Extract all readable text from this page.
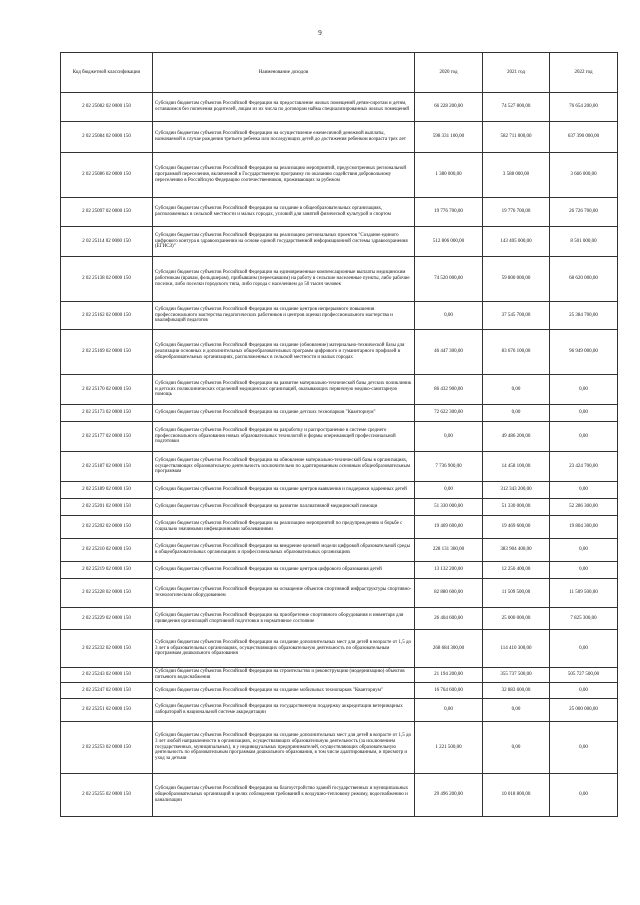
9
Код бюджетной классификации	Наименование доходов	2020 год	2021 год	2022 год
2 02 25082 02 0000 150	Субсидии бюджетам субъектов Российской Федерации на предоставление жилых помещений детям-сиротам и детям, оставшимся без попечения родителей, лицам из их числа по договорам найма специализированных жилых помещений	66 228 200,00	74 527 800,00	76 654 200,00
2 02 25084 02 0000 150	Субсидии бюджетам субъектов Российской Федерации на осуществление ежемесячной денежной выплаты, назначаемой в случае рождения третьего ребенка или последующих детей до достижения ребенком возраста трех лет	598 331 100,00	582 711 000,00	637 390 000,00
2 02 25086 02 0000 150	Субсидии бюджетам субъектов Российской Федерации на реализацию мероприятий, предусмотренных региональной программой переселения, включенной в Государственную программу по оказанию содействия добровольному переселению в Российскую Федерацию соотечественников, проживающих за рубежом	1 380 000,00	3 588 000,00	3 666 000,00
2 02 25097 02 0000 150	Субсидии бюджетам субъектов Российской Федерации на создание в общеобразовательных организациях, расположенных в сельской местности и малых городах, условий для занятий физической культурой и спортом	19 776 700,00	19 776 700,00	26 726 700,00
2 02 25114 02 0000 150	Субсидии бюджетам субъектов Российской Федерации на реализацию региональных проектов "Создание единого цифрового контура в здравоохранении на основе единой государственной информационной системы здравоохранения (ЕГИСЗ)"	512 806 000,00	143 405 000,00	8 501 000,00
2 02 25138 02 0000 150	Субсидии бюджетам субъектов Российской Федерации на единовременные компенсационные выплаты медицинским работникам (врачам, фельдшерам), прибывшим (переехавшим) на работу в сельские населенные пункты, либо рабочие поселки, либо поселки городского типа, либо города с населением до 50 тысяч человек	74 520 000,00	59 800 000,00	68 620 000,00
2 02 25162 02 0000 150	Субсидии бюджетам субъектов Российской Федерации на создание центров непрерывного повышения профессионального мастерства педагогических работников и центров оценки профессионального мастерства и квалификаций педагогов	0,00	37 545 700,00	25 384 700,00
2 02 25169 02 0000 150	Субсидии бюджетам субъектов Российской Федерации на создание (обновление) материально-технической базы для реализации основных и дополнительных общеобразовательных программ цифрового и гуманитарного профилей в общеобразовательных организациях, расположенных в сельской местности и малых городах	46 447 300,00	83 676 100,00	96 949 000,00
2 02 25170 02 0000 150	Субсидии бюджетам субъектов Российской Федерации на развитие материально-технической базы детских поликлиник и детских поликлинических отделений медицинских организаций, оказывающих первичную медико-санитарную помощь	86 432 900,00	0,00	0,00
2 02 25173 02 0000 150	Субсидии бюджетам субъектов Российской Федерации на создание детских технопарков "Кванториум"	72 622 300,00	0,00	0,00
2 02 25177 02 0000 150	Субсидии бюджетам субъектов Российской Федерации на разработку и распространение в системе среднего профессионального образования новых образовательных технологий и формы опережающей профессиональной подготовки	0,00	49 486 200,00	0,00
2 02 25187 02 0000 150	Субсидии бюджетам субъектов Российской Федерации на обновление материально-технической базы в организациях, осуществляющих образовательную деятельность исключительно по адаптированным основным общеобразовательным программам	7 736 900,00	14 458 100,00	23 424 700,00
2 02 25189 02 0000 150	Субсидии бюджетам субъектов Российской Федерации на создание центров выявления и поддержки одаренных детей	0,00	312 343 200,00	0,00
2 02 25201 02 0000 150	Субсидии бюджетам субъектов Российской Федерации на развитие паллиативной медицинской помощи	51 330 000,00	51 330 000,00	52 286 300,00
2 02 25202 02 0000 150	Субсидии бюджетам субъектов Российской Федерации на реализацию мероприятий по предупреждению и борьбе с социально значимыми инфекционными заболеваниями	19 469 600,00	19 469 600,00	19 804 300,00
2 02 25210 02 0000 150	Субсидии бюджетам субъектов Российской Федерации на внедрение целевой модели цифровой образовательной среды в общеобразовательных организациях и профессиональных образовательных организациях	228 131 300,00	383 904 400,00	0,00
2 02 25219 02 0000 150	Субсидии бюджетам субъектов Российской Федерации на создание центров цифрового образования детей	13 132 200,00	12 256 400,00	0,00
2 02 25228 02 0000 150	Субсидии бюджетам субъектов Российской Федерации на оснащение объектов спортивной инфраструктуры спортивно-технологическим оборудованием	82 880 600,00	11 509 500,00	11 509 500,00
2 02 25229 02 0000 150	Субсидии бюджетам субъектов Российской Федерации на приобретение спортивного оборудования и инвентаря для приведения организаций спортивной подготовки в нормативное состояние	26 404 600,00	25 000 000,00	7 825 300,00
2 02 25232 02 0000 150	Субсидии бюджетам субъектов Российской Федерации на создание дополнительных мест для детей в возрасте от 1,5 до 3 лет в образовательных организациях, осуществляющих образовательную деятельность по образовательным программам дошкольного образования	268 684 300,00	114 410 300,00	0,00
2 02 25243 02 0000 150	Субсидии бюджетам субъектов Российской Федерации на строительство и реконструкцию (модернизацию) объектов питьевого водоснабжения	21 194 200,00	355 737 500,00	505 727 500,00
2 02 25247 02 0000 150	Субсидии бюджетам субъектов Российской Федерации на создание мобильных технопарков "Кванториум"	16 764 600,00	32 883 600,00	0,00
2 02 25251 02 0000 150	Субсидии бюджетам субъектов Российской Федерации на государственную поддержку аккредитации ветеринарных лабораторий в национальной системе аккредитации	0,00	0,00	25 000 000,00
2 02 25253 02 0000 150	Субсидии бюджетам субъектов Российской Федерации на создание дополнительных мест для детей в возрасте от 1,5 до 3 лет любой направленности в организациях, осуществляющих образовательную деятельность (за исключением государственных, муниципальных), и у индивидуальных предпринимателей, осуществляющих образовательную деятельность по образовательным программам дошкольного образования, в том числе адаптированным, и присмотр и уход за детьми	1 221 500,00	0,00	0,00
2 02 25255 02 0000 150	Субсидии бюджетам субъектов Российской Федерации на благоустройство зданий государственных и муниципальных общеобразовательных организаций в целях соблюдения требований к воздушно-тепловому режиму, водоснабжению и канализации	29 496 200,00	10 018 800,00	0,00
